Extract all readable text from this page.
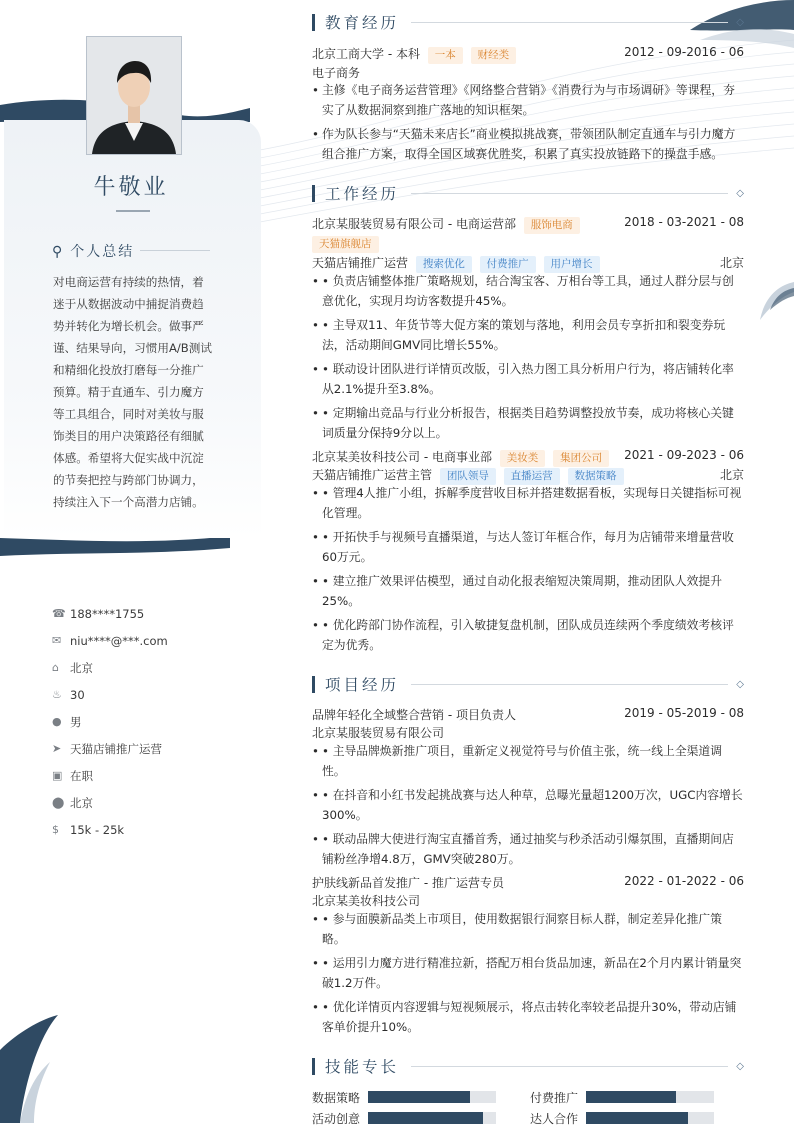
牛敬业
⚲ 个人总结
对电商运营有持续的热情，着迷于从数据波动中捕捉消费趋势并转化为增长机会。做事严谨、结果导向，习惯用A/B测试和精细化投放打磨每一分推广预算。精于直通车、引力魔方等工具组合，同时对美妆与服饰类目的用户决策路径有细腻体感。希望将大促实战中沉淀的节奏把控与跨部门协调力，持续注入下一个高潜力店铺。
☎ 188****1755
✉ niu****@***.com
⌂ 北京
♨ 30
● 男
➤ 天猫店铺推广运营
▣ 在职
⬤ 北京
$ 15k - 25k
教育经历	◇
北京工商大学 - 本科 一本 财经类	2012 - 09-2016 - 06
电子商务
• 主修《电子商务运营管理》《网络整合营销》《消费行为与市场调研》等课程，夯实了从数据洞察到推广落地的知识框架。
• 作为队长参与“天猫未来店长”商业模拟挑战赛，带领团队制定直通车与引力魔方组合推广方案，取得全国区域赛优胜奖，积累了真实投放链路下的操盘手感。
工作经历	◇
北京某服装贸易有限公司 - 电商运营部 服饰电商	2018 - 03-2021 - 08
天猫旗舰店
天猫店铺推广运营 搜索优化 付费推广 用户增长	北京
• • 负责店铺整体推广策略规划，结合淘宝客、万相台等工具，通过人群分层与创意优化，实现月均访客数提升45%。
• • 主导双11、年货节等大促方案的策划与落地，利用会员专享折扣和裂变券玩法，活动期间GMV同比增长55%。
• • 联动设计团队进行详情页改版，引入热力图工具分析用户行为，将店铺转化率从2.1%提升至3.8%。
• • 定期输出竞品与行业分析报告，根据类目趋势调整投放节奏，成功将核心关键词质量分保持9分以上。
北京某美妆科技公司 - 电商事业部 美妆类 集团公司 2021 - 09-2023 - 06
天猫店铺推广运营主管 团队领导 直播运营 数据策略	北京
• • 管理4人推广小组，拆解季度营收目标并搭建数据看板，实现每日关键指标可视化管理。
• • 开拓快手与视频号直播渠道，与达人签订年框合作，每月为店铺带来增量营收60万元。
• • 建立推广效果评估模型，通过自动化报表缩短决策周期，推动团队人效提升25%。
• • 优化跨部门协作流程，引入敏捷复盘机制，团队成员连续两个季度绩效考核评定为优秀。
项目经历	◇
品牌年轻化全域整合营销 - 项目负责人	2019 - 05-2019 - 08
北京某服装贸易有限公司
• • 主导品牌焕新推广项目，重新定义视觉符号与价值主张，统一线上全渠道调性。
• • 在抖音和小红书发起挑战赛与达人种草，总曝光量超1200万次，UGC内容增长300%。
• • 联动品牌大使进行淘宝直播首秀，通过抽奖与秒杀活动引爆氛围，直播期间店铺粉丝净增4.8万，GMV突破280万。
护肤线新品首发推广 - 推广运营专员	2022 - 01-2022 - 06
北京某美妆科技公司
• • 参与面膜新品类上市项目，使用数据银行洞察目标人群，制定差异化推广策略。
• • 运用引力魔方进行精准拉新，搭配万相台货品加速，新品在2个月内累计销量突破1.2万件。
• • 优化详情页内容逻辑与短视频展示，将点击转化率较老品提升30%，带动店铺客单价提升10%。
技能专长	◇
数据策略	付费推广
活动创意	达人合作
